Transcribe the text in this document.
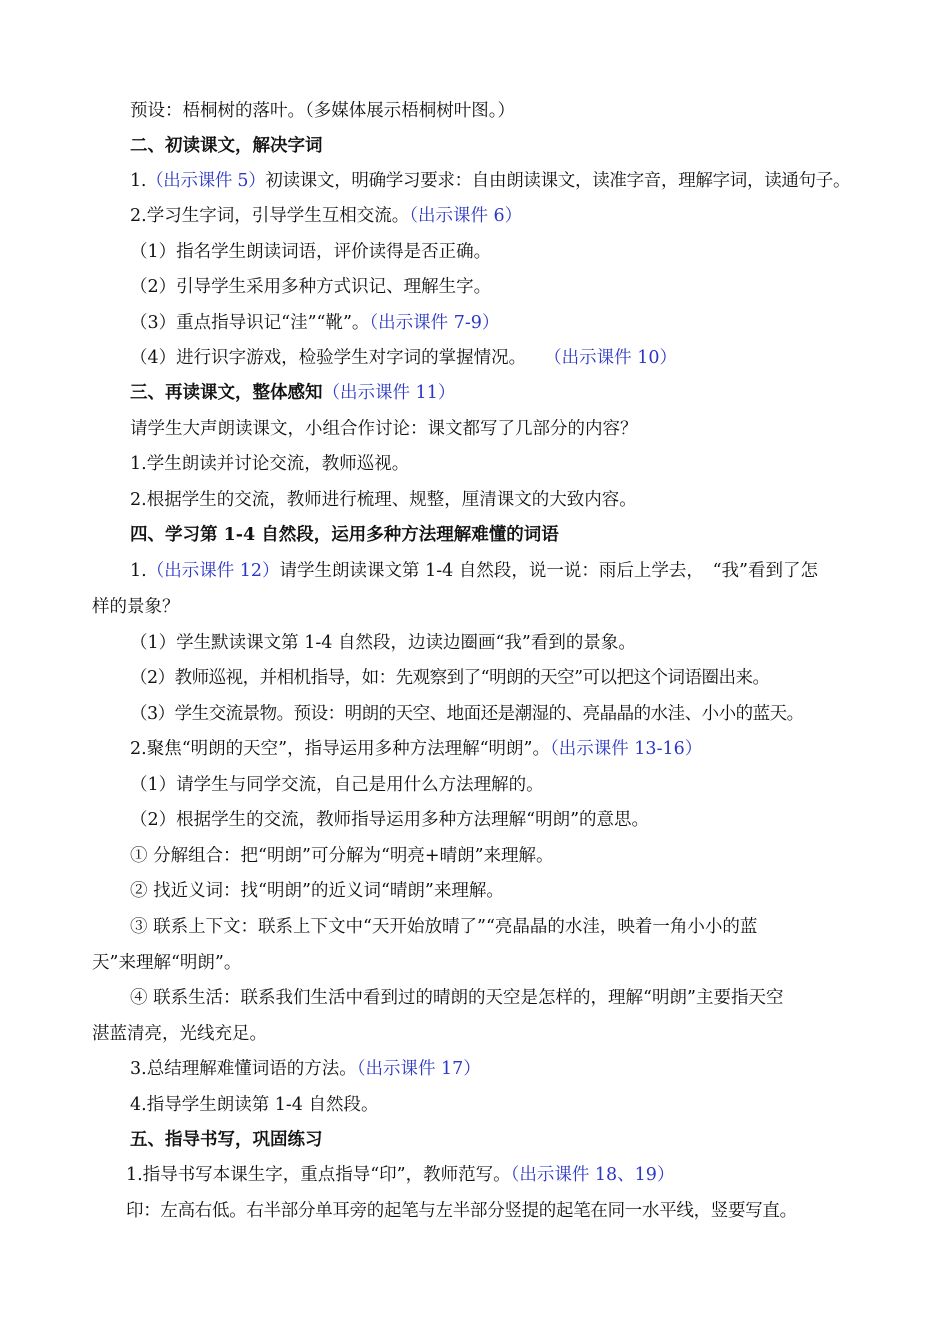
预设：梧桐树的落叶。（多媒体展示梧桐树叶图。）
二、初读课文，解决字词
1.（出示课件 5）初读课文，明确学习要求：自由朗读课文，读准字音，理解字词，读通句子。
2.学习生字词，引导学生互相交流。（出示课件 6）
（1）指名学生朗读词语，评价读得是否正确。
（2）引导学生采用多种方式识记、理解生字。
（3）重点指导识记“洼”“靴”。（出示课件 7-9）
（4）进行识字游戏，检验学生对字词的掌握情况。 （出示课件 10）
三、再读课文，整体感知（出示课件 11）
请学生大声朗读课文，小组合作讨论：课文都写了几部分的内容？
1.学生朗读并讨论交流，教师巡视。
2.根据学生的交流，教师进行梳理、规整，厘清课文的大致内容。
四、学习第 1-4 自然段，运用多种方法理解难懂的词语
1.（出示课件 12）请学生朗读课文第 1-4 自然段，说一说：雨后上学去，　“我”看到了怎
样的景象？
（1）学生默读课文第 1-4 自然段，边读边圈画“我”看到的景象。
（2）教师巡视，并相机指导，如：先观察到了“明朗的天空”可以把这个词语圈出来。
（3）学生交流景物。预设：明朗的天空、地面还是潮湿的、亮晶晶的水洼、小小的蓝天。
2.聚焦“明朗的天空”，指导运用多种方法理解“明朗”。（出示课件 13-16）
（1）请学生与同学交流，自己是用什么方法理解的。
（2）根据学生的交流，教师指导运用多种方法理解“明朗”的意思。
① 分解组合：把“明朗”可分解为“明亮+晴朗”来理解。
② 找近义词：找“明朗”的近义词“晴朗”来理解。
③ 联系上下文：联系上下文中“天开始放晴了”“亮晶晶的水洼，映着一角小小的蓝
天”来理解“明朗”。
④ 联系生活：联系我们生活中看到过的晴朗的天空是怎样的，理解“明朗”主要指天空
湛蓝清亮，光线充足。
3.总结理解难懂词语的方法。（出示课件 17）
4.指导学生朗读第 1-4 自然段。
五、指导书写，巩固练习
1.指导书写本课生字，重点指导“印”，教师范写。（出示课件 18、19）
印：左高右低。右半部分单耳旁的起笔与左半部分竖提的起笔在同一水平线，竖要写直。
